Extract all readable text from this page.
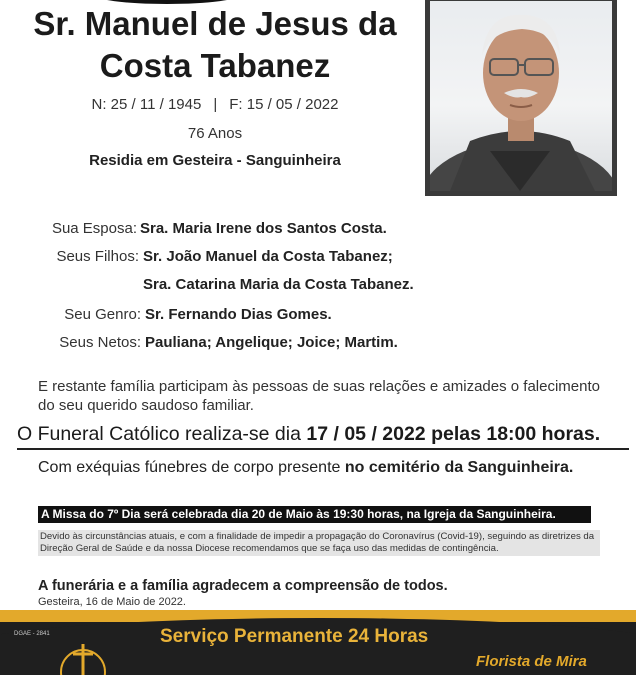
Sr. Manuel de Jesus da Costa Tabanez
N: 25 / 11 / 1945 | F: 15 / 05 / 2022
76 Anos
Residia em Gesteira - Sanguinheira
Sua Esposa: Sra. Maria Irene dos Santos Costa.
Seus Filhos: Sr. João Manuel da Costa Tabanez;
Sra. Catarina Maria da Costa Tabanez.
Seu Genro: Sr. Fernando Dias Gomes.
Seus Netos: Pauliana; Angelique; Joice; Martim.
E restante família participam às pessoas de suas relações e amizades o falecimento do seu querido saudoso familiar.
O Funeral Católico realiza-se dia 17 / 05 / 2022 pelas 18:00 horas.
Com exéquias fúnebres de corpo presente no cemitério da Sanguinheira.
A Missa do 7º Dia será celebrada dia 20 de Maio às 19:30 horas, na Igreja da Sanguinheira.
Devido às circunstâncias atuais, e com a finalidade de impedir a propagação do Coronavírus (Covid-19), seguindo as diretrizes da Direção Geral de Saúde e da nossa Diocese recomendamos que se faça uso das medidas de contingência.
A funerária e a família agradecem a compreensão de todos.
Gesteira, 16 de Maio de 2022.
DGAE - 2841	Serviço Permanente 24 Horas
Florista de Mira
